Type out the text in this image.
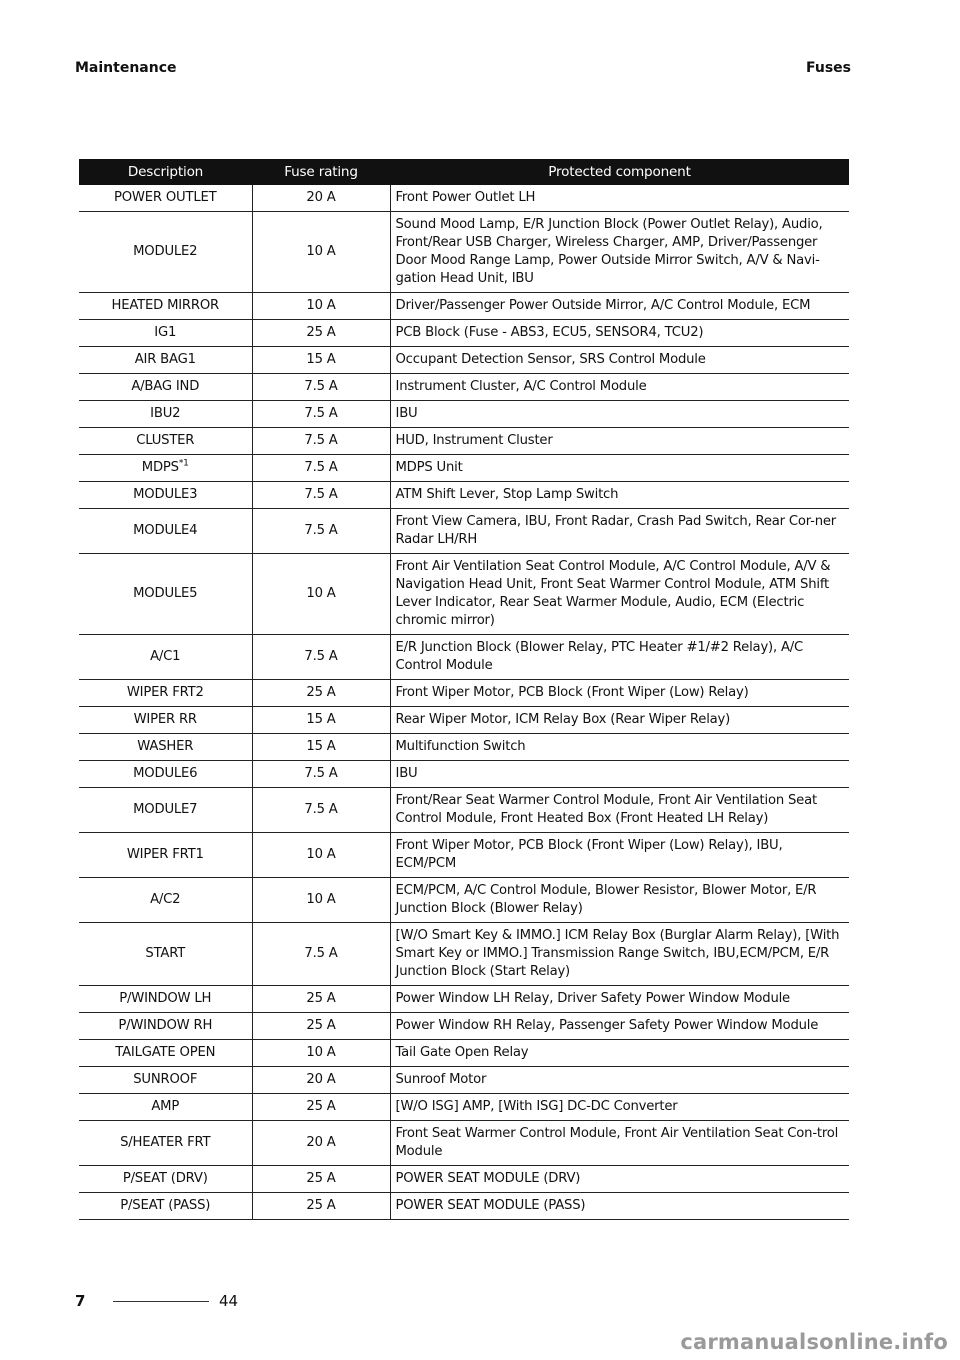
Maintenance	Fuses
Description	Fuse rating	Protected component
POWER OUTLET	20 A	Front Power Outlet LH
MODULE2	10 A	Sound Mood Lamp, E/R Junction Block (Power Outlet Relay), Audio, Front/Rear USB Charger, Wireless Charger, AMP, Driver/Passenger Door Mood Range Lamp, Power Outside Mirror Switch, A/V & Navi-gation Head Unit, IBU
HEATED MIRROR	10 A	Driver/Passenger Power Outside Mirror, A/C Control Module, ECM
IG1	25 A	PCB Block (Fuse - ABS3, ECU5, SENSOR4, TCU2)
AIR BAG1	15 A	Occupant Detection Sensor, SRS Control Module
A/BAG IND	7.5 A	Instrument Cluster, A/C Control Module
IBU2	7.5 A	IBU
CLUSTER	7.5 A	HUD, Instrument Cluster
MDPS$^{*1}$	7.5 A	MDPS Unit
MODULE3	7.5 A	ATM Shift Lever, Stop Lamp Switch
MODULE4	7.5 A	Front View Camera, IBU, Front Radar, Crash Pad Switch, Rear Cor-ner Radar LH/RH
MODULE5	10 A	Front Air Ventilation Seat Control Module, A/C Control Module, A/V & Navigation Head Unit, Front Seat Warmer Control Module, ATM Shift Lever Indicator, Rear Seat Warmer Module, Audio, ECM (Electric chromic mirror)
A/C1	7.5 A	E/R Junction Block (Blower Relay, PTC Heater #1/#2 Relay), A/C Control Module
WIPER FRT2	25 A	Front Wiper Motor, PCB Block (Front Wiper (Low) Relay)
WIPER RR	15 A	Rear Wiper Motor, ICM Relay Box (Rear Wiper Relay)
WASHER	15 A	Multifunction Switch
MODULE6	7.5 A	IBU
MODULE7	7.5 A	Front/Rear Seat Warmer Control Module, Front Air Ventilation Seat Control Module, Front Heated Box (Front Heated LH Relay)
WIPER FRT1	10 A	Front Wiper Motor, PCB Block (Front Wiper (Low) Relay), IBU, ECM/PCM
A/C2	10 A	ECM/PCM, A/C Control Module, Blower Resistor, Blower Motor, E/R Junction Block (Blower Relay)
START	7.5 A	[W/O Smart Key & IMMO.] ICM Relay Box (Burglar Alarm Relay), [With Smart Key or IMMO.] Transmission Range Switch, IBU,ECM/PCM, E/R Junction Block (Start Relay)
P/WINDOW LH	25 A	Power Window LH Relay, Driver Safety Power Window Module
P/WINDOW RH	25 A	Power Window RH Relay, Passenger Safety Power Window Module
TAILGATE OPEN	10 A	Tail Gate Open Relay
SUNROOF	20 A	Sunroof Motor
AMP	25 A	[W/O ISG] AMP, [With ISG] DC-DC Converter
S/HEATER FRT	20 A	Front Seat Warmer Control Module, Front Air Ventilation Seat Con-trol Module
P/SEAT (DRV)	25 A	POWER SEAT MODULE (DRV)
P/SEAT (PASS)	25 A	POWER SEAT MODULE (PASS)
7	44
carmanualsonline.info
